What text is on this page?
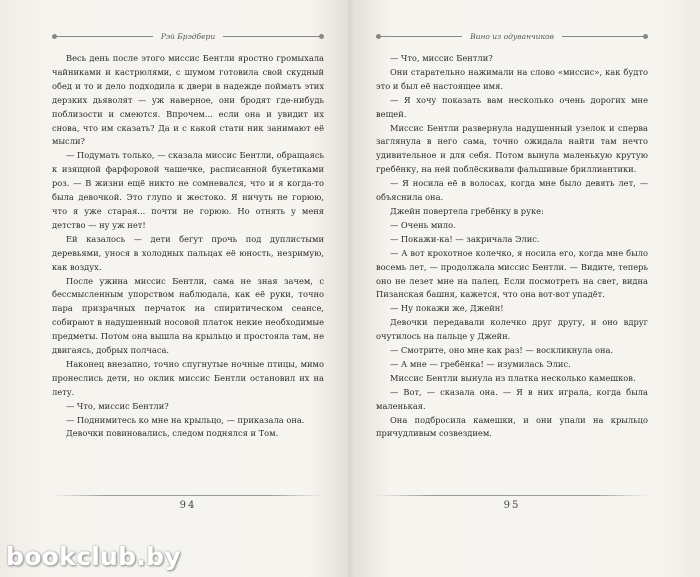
Рэй Брэдбери

Весь день после этого миссис Бентли яростно громыхала чайниками и кастрюлями, с шумом готовила свой скудный обед и то и дело подходила к двери в надежде поймать этих дерзких дьяволят — уж наверное, они бродят где-нибудь поблизости и смеются. Впрочем... если она и увидит их снова, что им сказать? Да и с какой стати ник занимают её мысли?

— Подумать только, — сказала миссис Бентли, обращаясь к изящной фарфоровой чашечке, расписанной букетиками роз. — В жизни ещё никто не сомневался, что и я когда-то была девочкой. Это глупо и жестоко. Я ничуть не горюю, что я уже старая... почти не горюю. Но отнять у меня детство — ну уж нет!

Ей казалось — дети бегут прочь под дуплистыми деревьями, унося в холодных пальцах её юность, незримую, как воздух.

После ужина миссис Бентли, сама не зная зачем, с бессмысленным упорством наблюдала, как её руки, точно пара призрачных перчаток на спиритическом сеансе, собирают в надушенный носовой платок некие необходимые предметы. Потом она вышла на крыльцо и простояла там, не двигаясь, добрых полчаса.

Наконец внезапно, точно спугнутые ночные птицы, мимо пронеслись дети, но оклик миссис Бентли остановил их на лету.

— Что, миссис Бентли?

— Поднимитесь ко мне на крыльцо, — приказала она.

Девочки повиновались, следом поднялся и Том.

94
Вино из одуванчиков

— Что, миссис Бентли?

Они старательно нажимали на слово «миссис», как будто это и был её настоящее имя.

— Я хочу показать вам несколько очень дорогих мне вещей.

Миссис Бентли развернула надушенный узелок и сперва заглянула в него сама, точно ожидала найти там нечто удивительное и для себя. Потом вынула маленькую крутую гребёнку, на ней поблёскивали фальшивые бриллиантики.

— Я носила её в волосах, когда мне было девять лет, — объяснила она.

Джейн повертела гребёнку в руке:

— Очень мило.

— Покажи-ка! — закричала Элис.

— А вот крохотное колечко, я носила его, когда мне было восемь лет, — продолжала миссис Бентли. — Видите, теперь оно не лезет мне на палец. Если посмотреть на свет, видна Пизанская башня, кажется, что она вот-вот упадёт.

— Ну покажи же, Джейн!

Девочки передавали колечко друг другу, и оно вдруг очутилось на пальце у Джейн.

— Смотрите, оно мне как раз! — воскликнула она.

— А мне — гребёнка! — изумилась Элис.

Миссис Бентли вынула из платка несколько камешков.

— Вот, — сказала она. — Я в них играла, когда была маленькая.

Она подбросила камешки, и они упали на крыльцо причудливым созвездием.

95
bookclub.by
